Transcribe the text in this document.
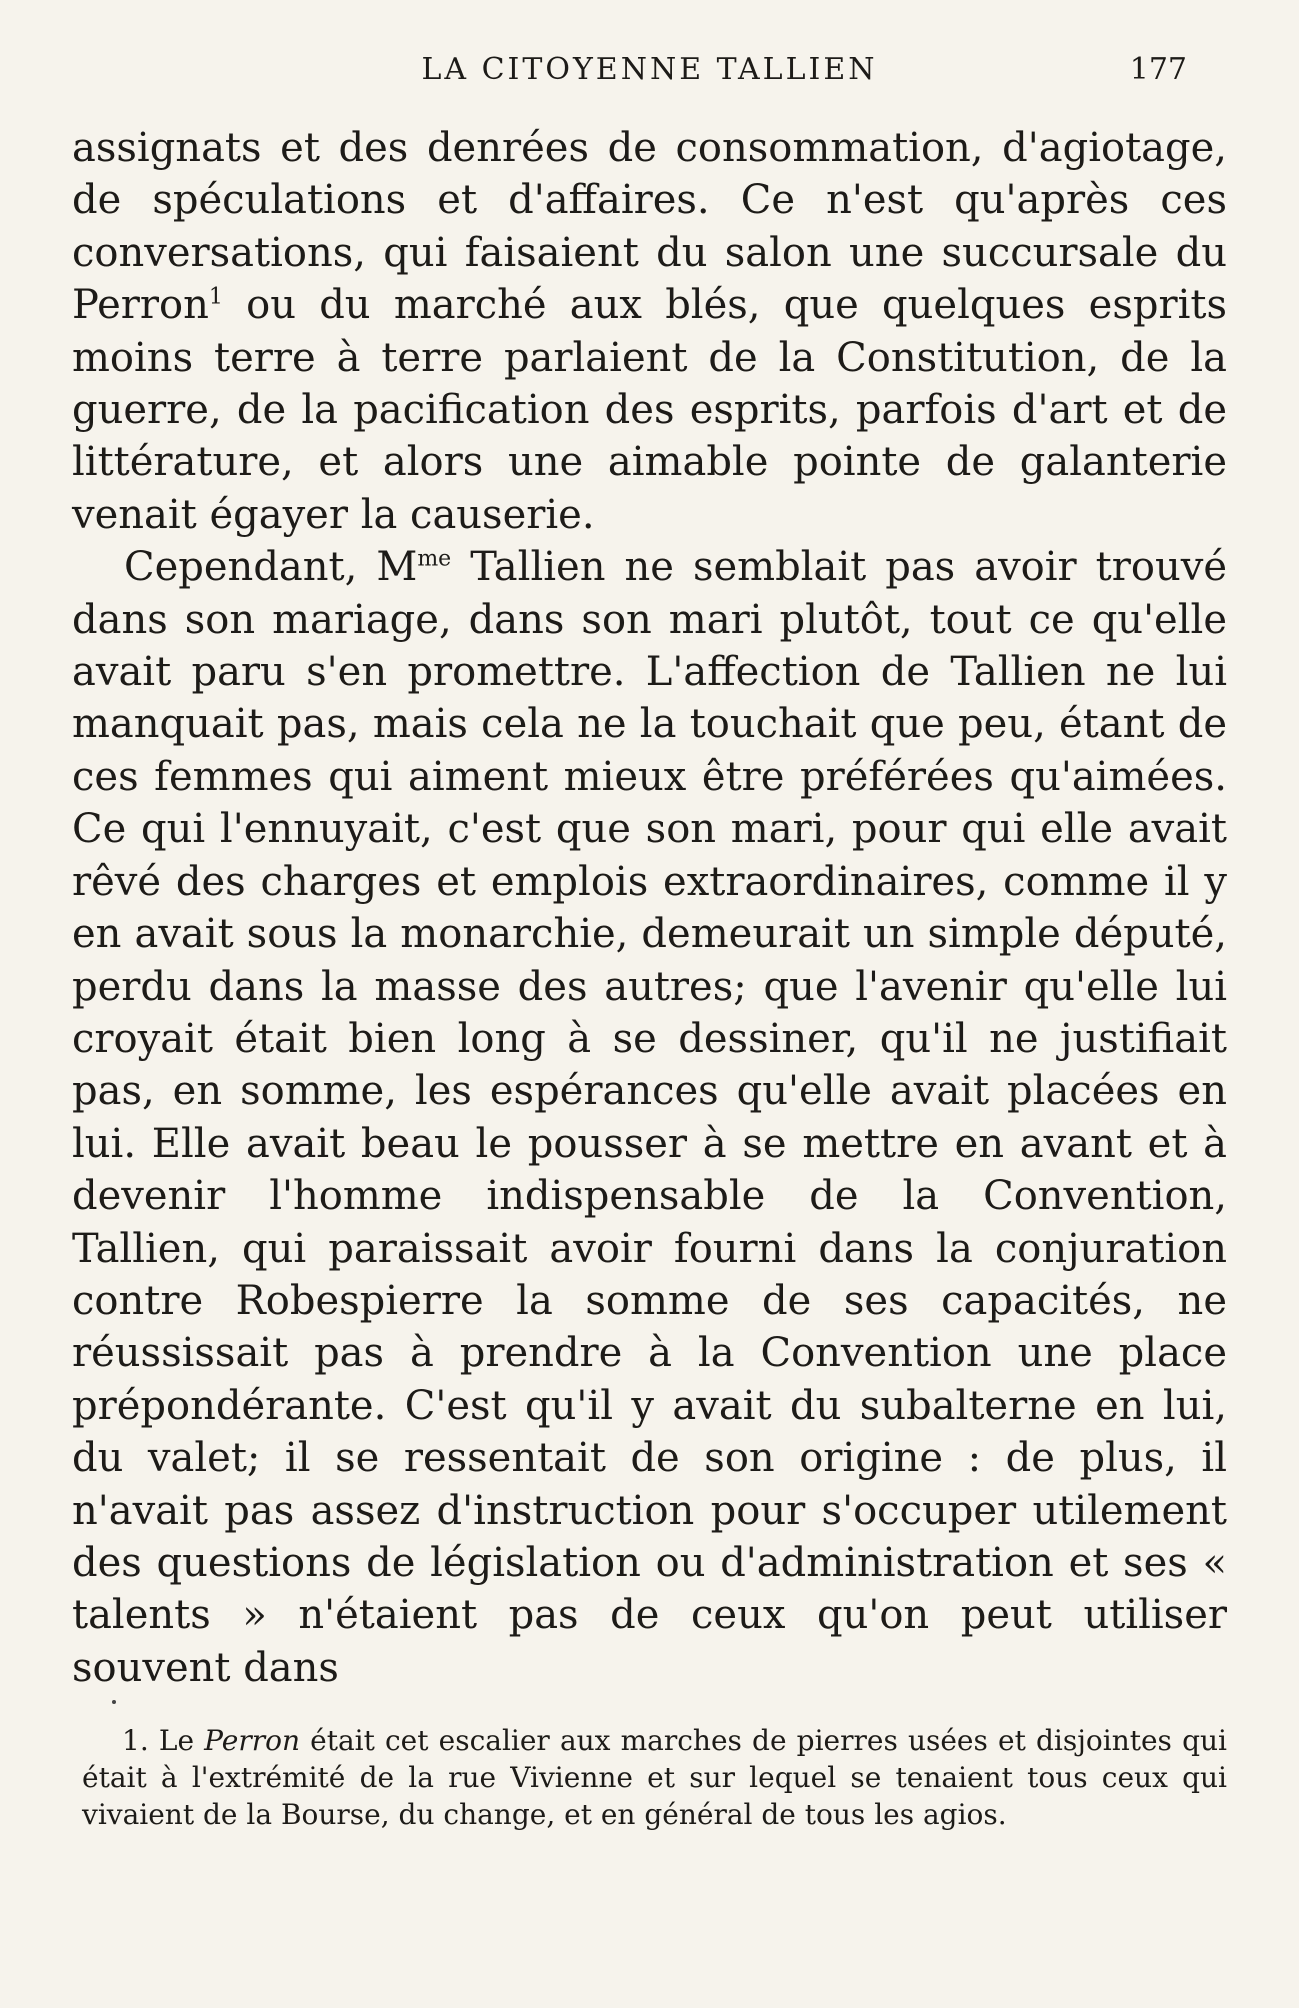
LA CITOYENNE TALLIEN	177

assignats et des denrées de consommation, d'agiotage, de spéculations et d'affaires. Ce n'est qu'après ces conversations, qui faisaient du salon une succursale du Perron$^1$ ou du marché aux blés, que quelques esprits moins terre à terre parlaient de la Constitution, de la guerre, de la pacification des esprits, parfois d'art et de littérature, et alors une aimable pointe de galanterie venait égayer la causerie.

Cependant, $M^{me}$ Tallien ne semblait pas avoir trouvé dans son mariage, dans son mari plutôt, tout ce qu'elle avait paru s'en promettre. L'affection de Tallien ne lui manquait pas, mais cela ne la touchait que peu, étant de ces femmes qui aiment mieux être préférées qu'aimées. Ce qui l'ennuyait, c'est que son mari, pour qui elle avait rêvé des charges et emplois extraordinaires, comme il y en avait sous la monarchie, demeurait un simple député, perdu dans la masse des autres; que l'avenir qu'elle lui croyait était bien long à se dessiner, qu'il ne justifiait pas, en somme, les espérances qu'elle avait placées en lui. Elle avait beau le pousser à se mettre en avant et à devenir l'homme indispensable de la Convention, Tallien, qui paraissait avoir fourni dans la conjuration contre Robespierre la somme de ses capacités, ne réussissait pas à prendre à la Convention une place prépondérante. C'est qu'il y avait du subalterne en lui, du valet; il se ressentait de son origine : de plus, il n'avait pas assez d'instruction pour s'occuper utilement des questions de législation ou d'administration et ses « talents » n'étaient pas de ceux qu'on peut utiliser souvent dans

1. Le Perron était cet escalier aux marches de pierres usées et disjointes qui était à l'extrémité de la rue Vivienne et sur lequel se tenaient tous ceux qui vivaient de la Bourse, du change, et en général de tous les agios.
